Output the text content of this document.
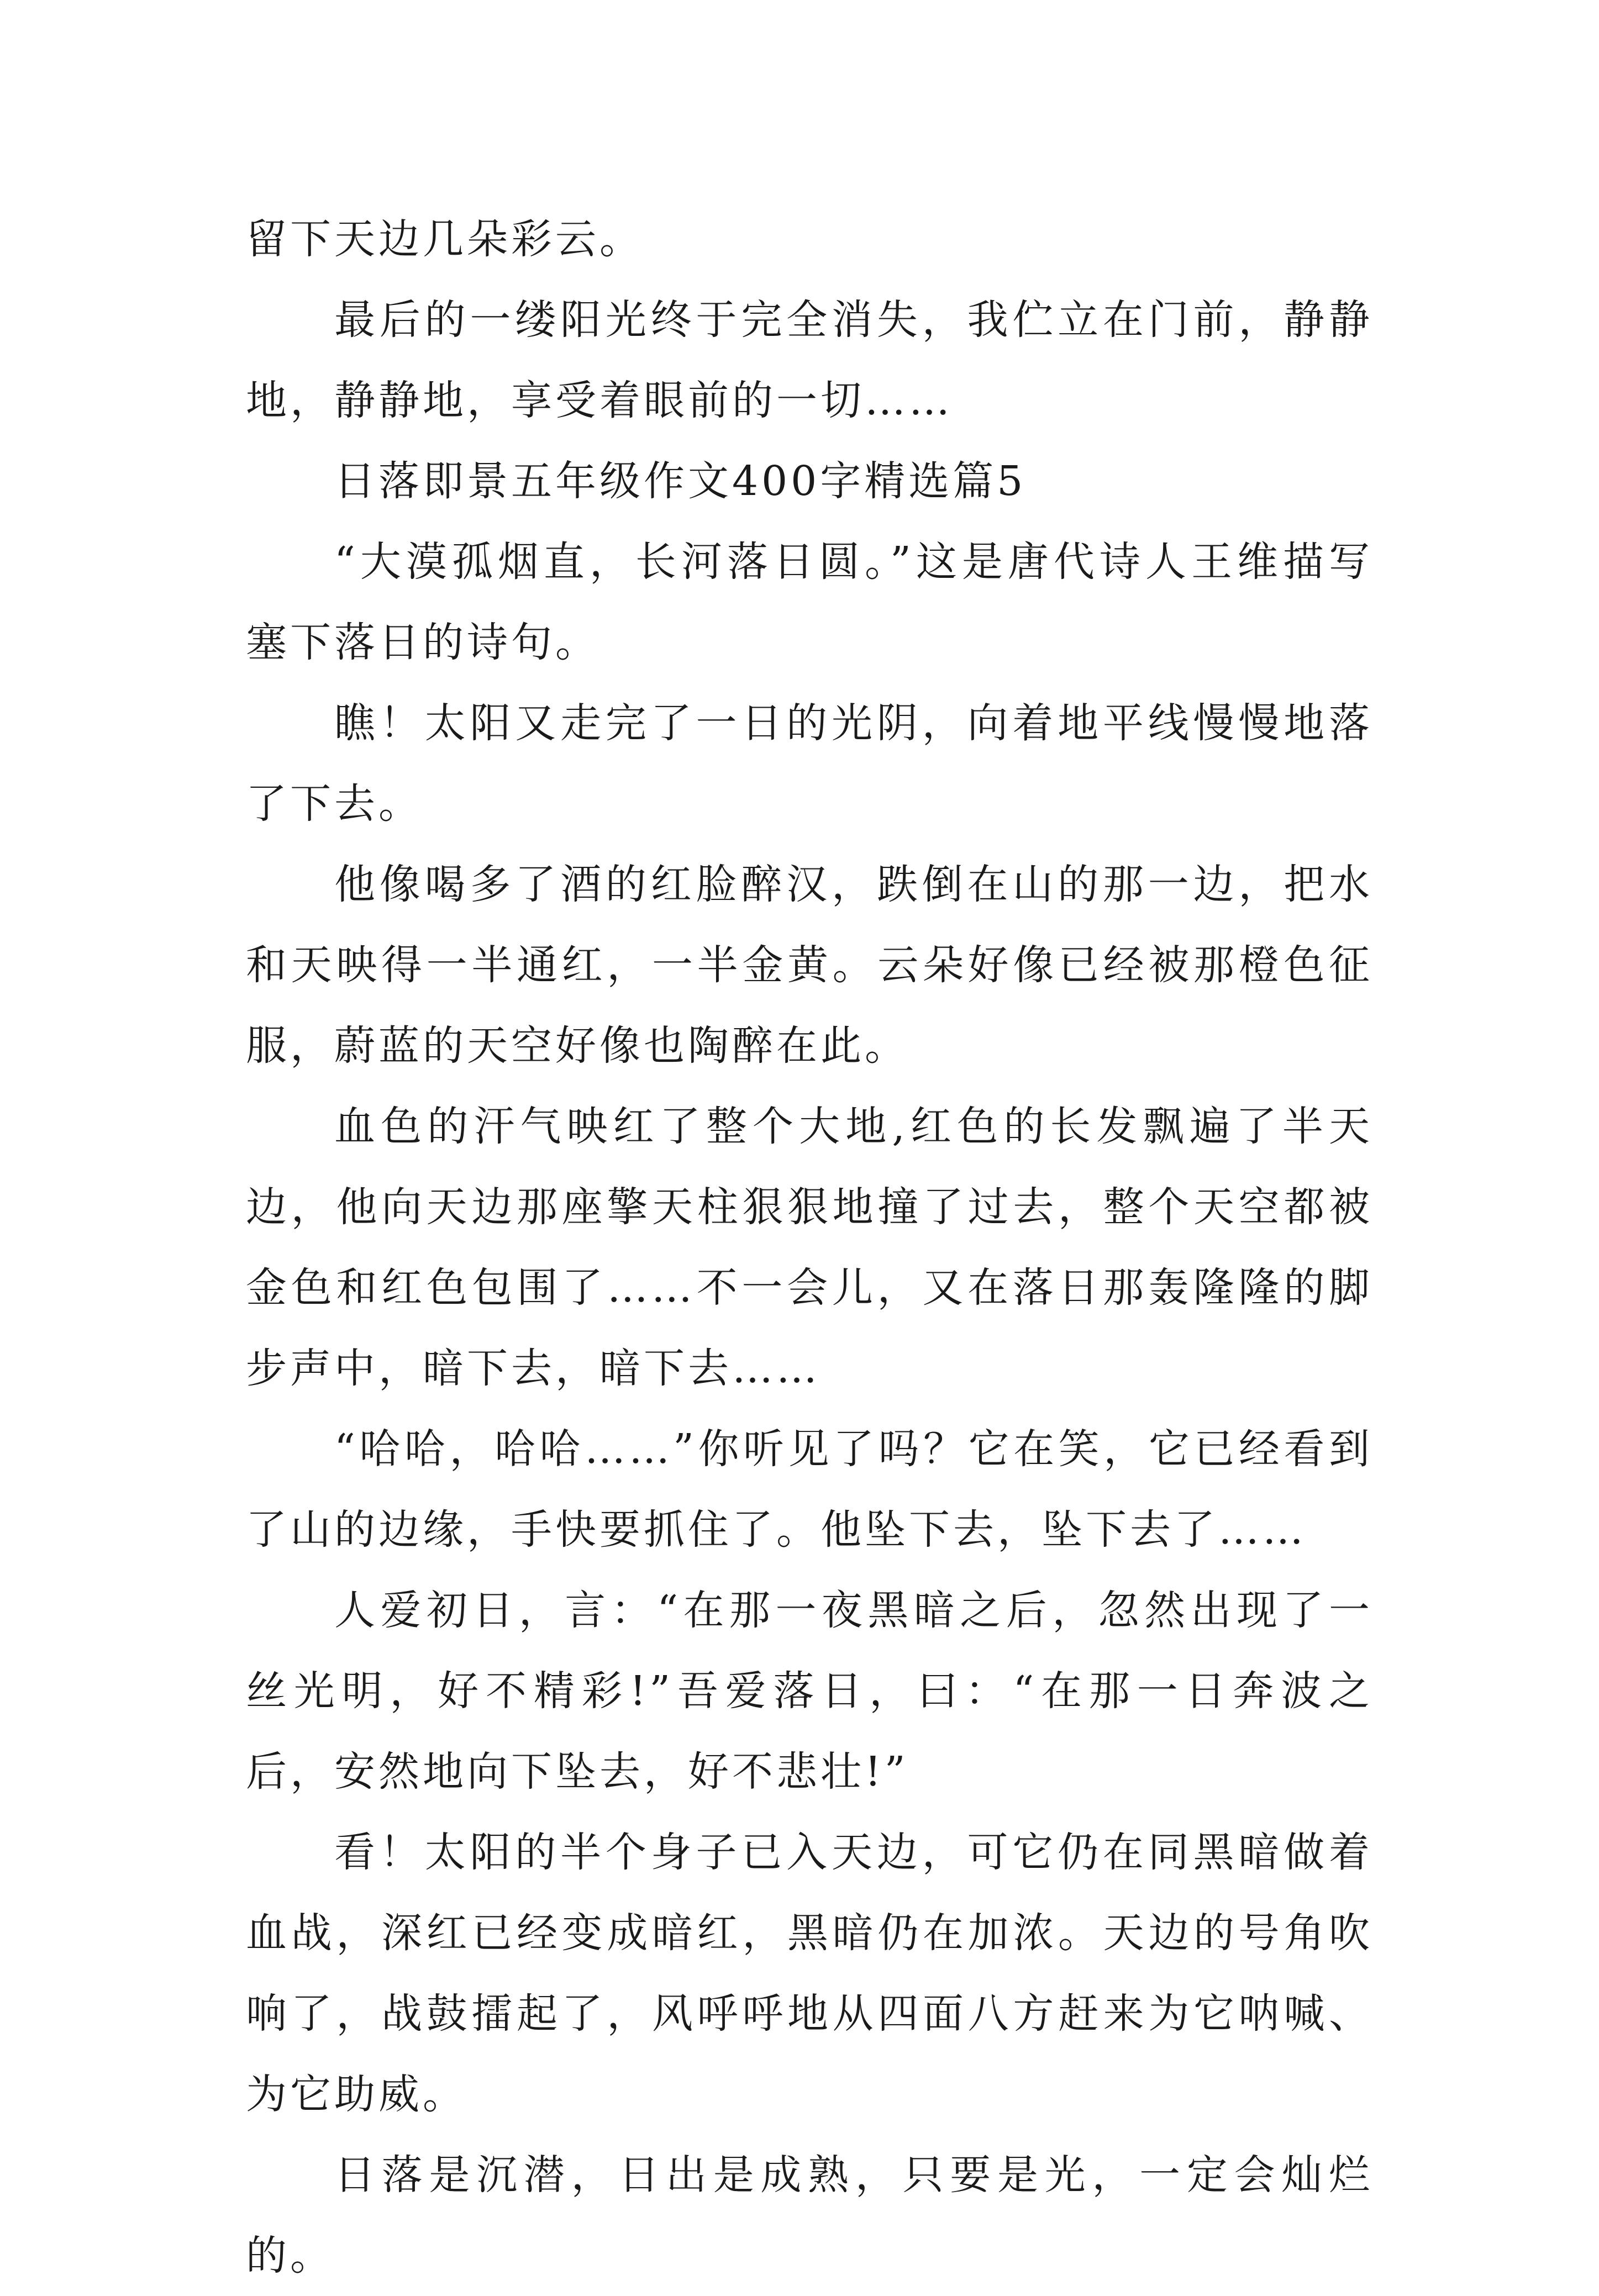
留下天边几朵彩云。

最后的一缕阳光终于完全消失，我伫立在门前，静静地，静静地，享受着眼前的一切……

日落即景五年级作文400字精选篇5

“大漠孤烟直，长河落日圆。”这是唐代诗人王维描写塞下落日的诗句。

瞧！太阳又走完了一日的光阴，向着地平线慢慢地落了下去。

他像喝多了酒的红脸醉汉，跌倒在山的那一边，把水和天映得一半通红，一半金黄。云朵好像已经被那橙色征服，蔚蓝的天空好像也陶醉在此。

血色的汗气映红了整个大地,红色的长发飘遍了半天边，他向天边那座擎天柱狠狠地撞了过去，整个天空都被金色和红色包围了……不一会儿，又在落日那轰隆隆的脚步声中，暗下去，暗下去……

“哈哈，哈哈……”你听见了吗？它在笑，它已经看到了山的边缘，手快要抓住了。他坠下去，坠下去了……

人爱初日，言：“在那一夜黑暗之后，忽然出现了一丝光明，好不精彩!”吾爱落日，曰：“在那一日奔波之后，安然地向下坠去，好不悲壮!”

看！太阳的半个身子已入天边，可它仍在同黑暗做着血战，深红已经变成暗红，黑暗仍在加浓。天边的号角吹响了，战鼓擂起了，风呼呼地从四面八方赶来为它呐喊、为它助威。

日落是沉潜，日出是成熟，只要是光，一定会灿烂的。
